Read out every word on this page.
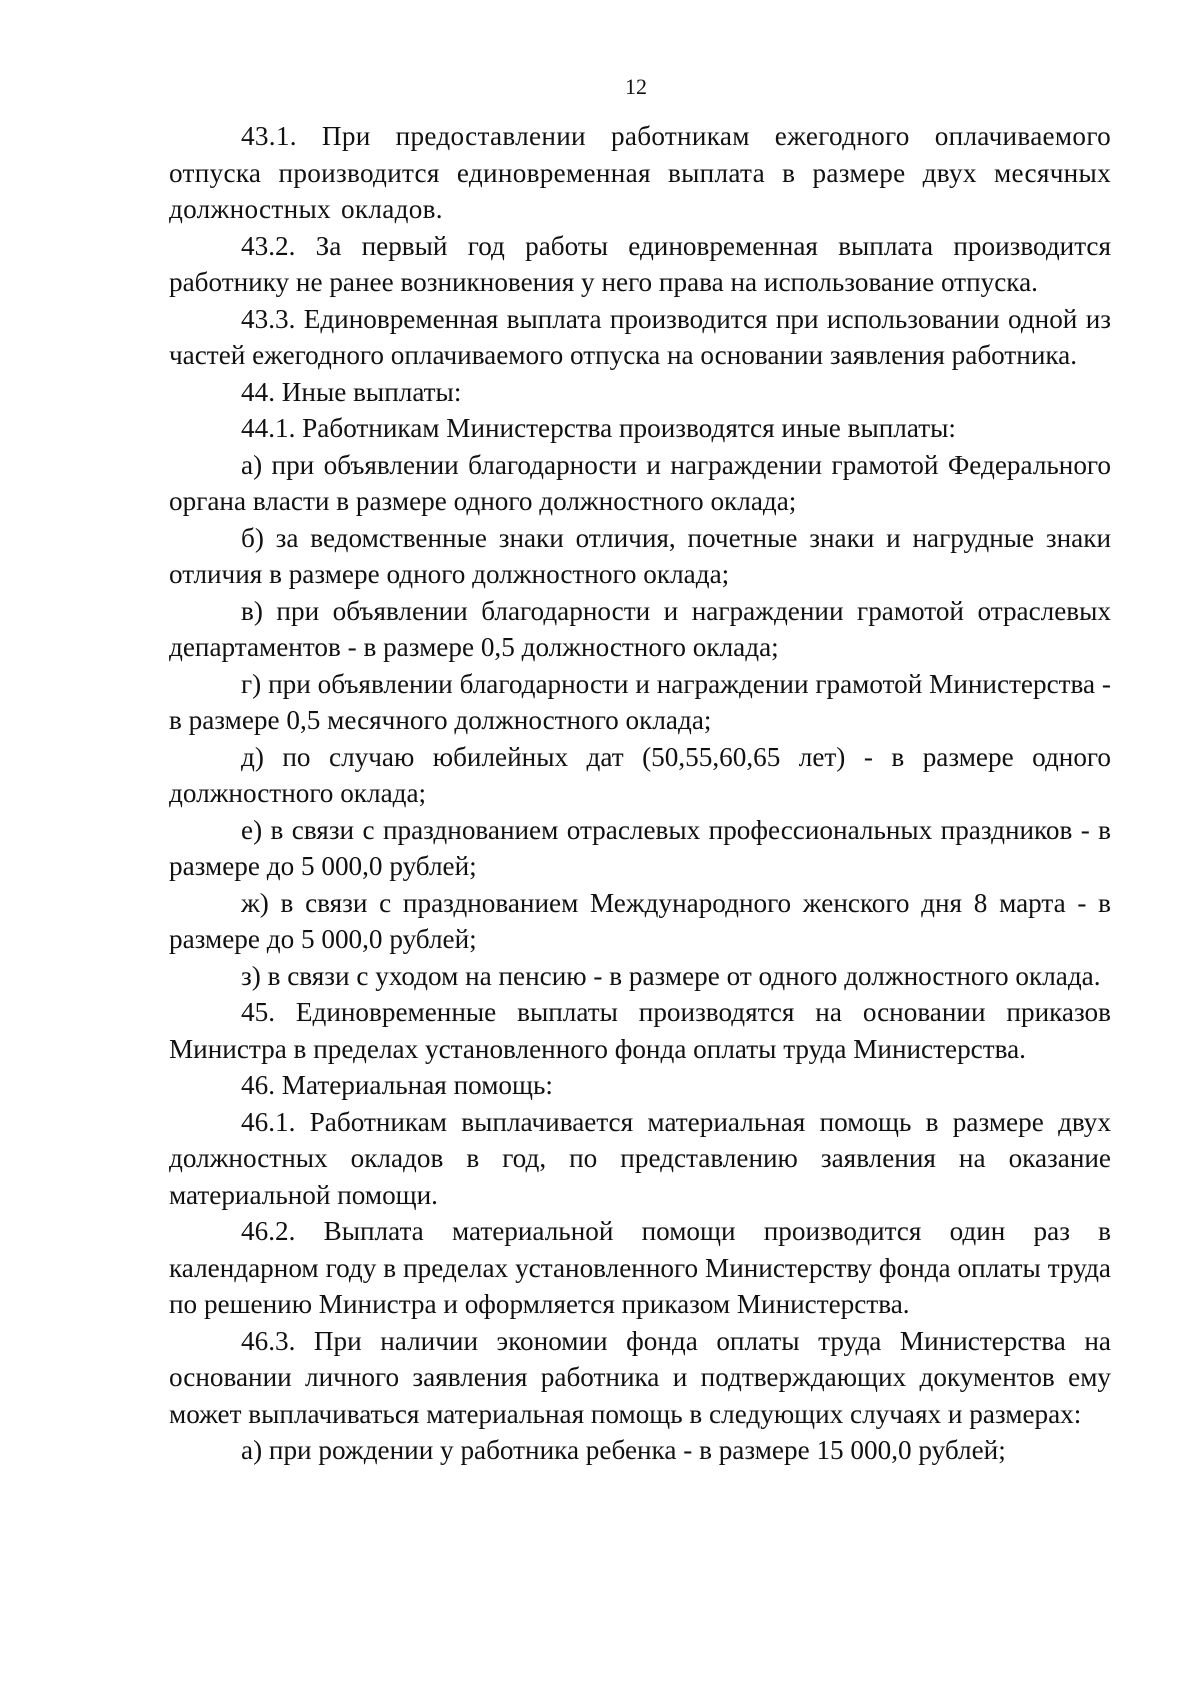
12

43.1. При предоставлении работникам ежегодного оплачиваемого отпуска производится единовременная выплата в размере двух месячных должностных окладов.

43.2. За первый год работы единовременная выплата производится работнику не ранее возникновения у него права на использование отпуска.

43.3. Единовременная выплата производится при использовании одной из частей ежегодного оплачиваемого отпуска на основании заявления работника.

44. Иные выплаты:

44.1. Работникам Министерства производятся иные выплаты:

а) при объявлении благодарности и награждении грамотой Федерального органа власти в размере одного должностного оклада;

б) за ведомственные знаки отличия, почетные знаки и нагрудные знаки отличия в размере одного должностного оклада;

в) при объявлении благодарности и награждении грамотой отраслевых департаментов - в размере 0,5 должностного оклада;

г) при объявлении благодарности и награждении грамотой Министерства - в размере 0,5 месячного должностного оклада;

д) по случаю юбилейных дат (50,55,60,65 лет) - в размере одного должностного оклада;

е) в связи с празднованием отраслевых профессиональных праздников - в размере до 5 000,0 рублей;

ж) в связи с празднованием Международного женского дня 8 марта - в размере до 5 000,0 рублей;

з) в связи с уходом на пенсию - в размере от одного должностного оклада.

45. Единовременные выплаты производятся на основании приказов Министра в пределах установленного фонда оплаты труда Министерства.

46. Материальная помощь:

46.1. Работникам выплачивается материальная помощь в размере двух должностных окладов в год, по представлению заявления на оказание материальной помощи.

46.2. Выплата материальной помощи производится один раз в календарном году в пределах установленного Министерству фонда оплаты труда по решению Министра и оформляется приказом Министерства.

46.3. При наличии экономии фонда оплаты труда Министерства на основании личного заявления работника и подтверждающих документов ему может выплачиваться материальная помощь в следующих случаях и размерах:

а) при рождении у работника ребенка - в размере 15 000,0 рублей;
